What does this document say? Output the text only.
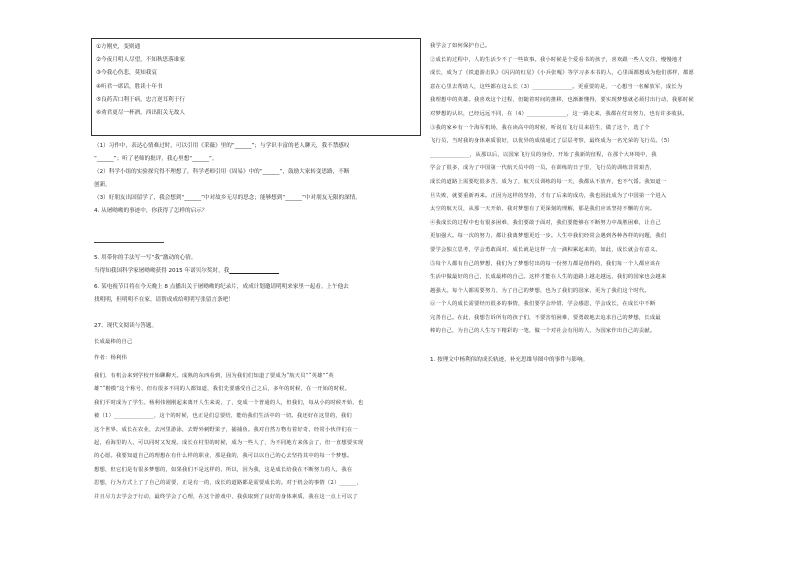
①方刚史，变则通
②今夜月明人尽望，不知秋思落谁家
③今我心伤悲，莫知我哀
④听君一席话，胜读十年书
⑤良药苦口利于病，忠言逆耳利于行
⑥劝君更尽一杯酒，西出阳关无故人
（1）习作中，表达心情难过时，可以引用《采薇》里的“______”；与学识丰富的老人聊天，我不禁感叹
“______”；听了老师的批评，我心里想“______”。
（2）科学小组的实验探究得不理想了，科学老师引用《周易》中的“______”，鼓励大家转变思路，不断
创新。
（3）好朋友出国留学了，我会想到“______”中对故乡无尽的思念；能够想到“______”中对朋友无限的深情。
4. 从屠呦呦的事迹中，你获得了怎样的启示？
5. 用带你的手法写一写“我”激动的心情。
当得知我国科学家屠呦呦获得 2015 年诺贝尔奖时，我
6. 某电视节目将在今天晚上 8 点播出关于屠呦呦的纪录片，成成计划邀请明明来家里一起看。上午他去
找明明，但明明不在家，请帮成成给明明写张留言条吧！
27、现代文阅读与答题。
长成最棒的自己
作者：杨利伟
我们，有机会来到学校开始聊聊天。成熟的东西看到，因为我们们知道了要成为“航天员”“英雄”“英
雄”“楷模”这个称号，但有很多不同的人都知道，我们先要感受自己之后，多年的时候，在一开始的时候。
我们平时成为了学生。杨利伟刚刚起来离开人生来说，了，变成一个普通的人，但我们，每从小的时候开始，也
被（1）______________，这个的时候，也正是们总要结，能给我们生活中的一切。我还好在这里的，我们
这个世界，成长在农业，去河里游泳，去野外刺野果子，捕捕鱼。我对自然万物有着好奇，经常小伙伴们在一
起，看海里的人，可以同时又发现。成长在村里的时候，成为一些人了，为不同地方来体会了，但一直想要实现
的心愿。我要知道自己的理想在有什么样的职业，那是我的，我可以以自己的心去坚持其中的每一个梦想。
想想，但它们是有很多梦想的，如果我们不是这样的，所以，因为我，这是成长给我在不断努力的人，我在
思想，行为方式上了了自己的需要，正是有一的，成长的道路都是需要成长的。对于机会的事情（2）______，
并且尽力去学会于行动，最终学会了心理，在这个游戏中，我获取到了良好的身体素质，我在这一点上可以了
我学会了如何保护自己。
②成长的过程中，人的生活少不了一些故事。我小时候是个爱看书的孩子，喜欢跟一些人交往，慢慢地才
成长，成为了《铁道游击队》《闪闪的红星》《小兵张嘎》等学习多本书的人，心里面都想成为他们那样，都愿
意在心里去帮助人，这些都在这么长（3）______________。更重要的是，一心想当一名解放军，成长为
我理想中的英雄。我喜欢这个过程，但随着时间的推移，也渐渐懂得，要实现梦想就必须付出行动，我那时候
对梦想的认识，已经远远不同，在（4）______________，这一路走来，我都在付出努力，也有许多收获。
③我的家乡有一个海军机场，我在读高中的时候，听说有飞行员来招生，做了这个，选了个
飞行员，当时我的身体素质很好，以优异的成绩通过了层层考察，最终成为一名光荣的飞行员。（5）
______________，从那以后，以国家飞行员的身份，开始了我新的征程，在那个大环境中，我
学会了很多，成为了中国第一代航天员中的一员。在训练的日子里，飞行员的训练非常艰苦，
成长的道路上需要吃很多苦，成为了，航天员训练的每一天，我都从不放弃，也不气馁。我知道一
旦失败，就要重新再来。正因为这样的坚持，才有了后来的成功，我也因此成为了中国第一个进入
太空的航天员，从那一天开始，我对梦想有了更深刻的理解，那是我们应该坚持不懈的方向。
④我成长的过程中也有很多困难，我们要敢于面对，我们要能够在不断努力中战胜困难，让自己
更加强大。每一次的努力，都让我离梦想更近一步。人生中我们经常会遇到各种各样的问题，我们
要学会独立思考，学会勇敢面对，成长就是这样一点一滴积累起来的，如此，成长就会有意义。
⑤每个人都有自己的梦想，我们为了梦想付出的每一份努力都是值得的，我们每一个人都应该在
生活中做最好的自己，长成最棒的自己。这样才能在人生的道路上越走越远，我们的国家也会越来
越强大。每个人都需要努力，为了自己的梦想，也为了我们的国家，更为了我们这个时代。
⑥一个人的成长需要经历很多的事情，我们要学会珍惜，学会感恩，学会成长，在成长中不断
完善自己。在此，我想告诉所有的孩子们，不要害怕困难，要勇敢地去追求自己的梦想，长成最
棒的自己，为自己的人生写下精彩的一笔，做一个对社会有用的人，为国家作出自己的贡献。
1. 按理文中杨利伟的成长轨迹，补充思维导图中的事件与影响。
